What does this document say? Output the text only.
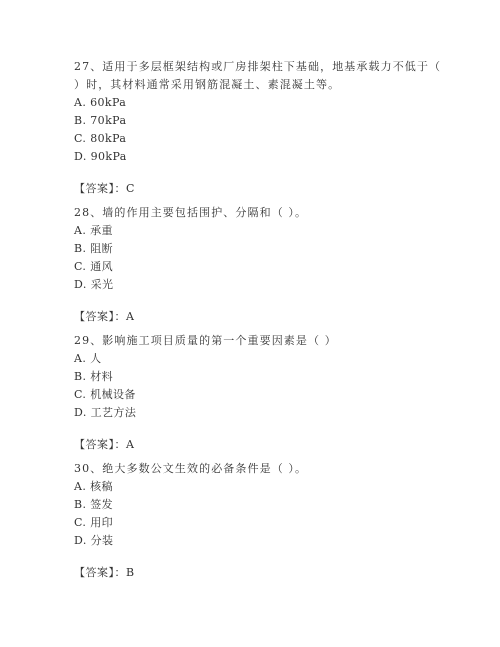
27、适用于多层框架结构或厂房排架柱下基础，地基承载力不低于（
）时，其材料通常采用钢筋混凝土、素混凝土等。
A. 60kPa
B. 70kPa
C. 80kPa
D. 90kPa
【答案】：C
28、墙的作用主要包括围护、分隔和（ ）。
A. 承重
B. 阻断
C. 通风
D. 采光
【答案】：A
29、影响施工项目质量的第一个重要因素是（ ）
A. 人
B. 材料
C. 机械设备
D. 工艺方法
【答案】：A
30、绝大多数公文生效的必备条件是（ ）。
A. 核稿
B. 签发
C. 用印
D. 分装
【答案】：B
